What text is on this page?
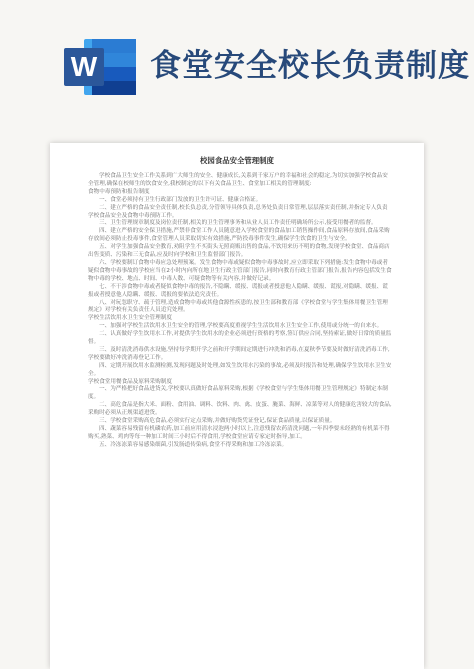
W 食堂安全校长负责制度
校园食品安全管理制度
学校食品卫生安全工作关系到广大师生的安全、健康成长,关系到千家万户的幸福和社会的稳定,为切实加强学校食品安全管理,确保在校师生的饮食安全,我校制定的以下有关食品卫生、食堂加工相关的管理制度:
食物中毒预防和报告制度
一、食堂必须持有卫生行政部门发放的卫生许可证、健康合格证。
二、建立严格的食品安全责任制,校长负总责,分管领导具体负责,总务处负责日常管理,层层落实责任制,并指定专人负责学校食品安全及食物中毒预防工作。
三、卫生管理规章制度及岗位责任制,相关的卫生管理事务和从业人员工作责任明确场所公示,接受用餐者的监督。
四、建立严格的安全保卫措施,严禁非食堂工作人员随意进入学校食堂的食品加工销售操作间,食品原料存放间,食品采购存放间必须防止投毒事件,食堂管理人员采取切实有效措施,严防投毒事件发生,确保学生饮食的卫生与安全。
五、对学生加强食品安全教育,劝阻学生不买街头无照商贩出售的食品,不饮用来历不明的食物,发现学校食堂、食品商店出售变质、污染和三无食品,应及时向学校和卫生监督部门报告。
六、学校要制订食物中毒应急处理预案。发生食物中毒或疑似食物中毒事故时,应立即采取下列措施:发生食物中毒或者疑似食物中毒事故的学校应当在2小时内向所在地卫生行政主管部门报告,同时向教育行政主管部门报告,报告内容包括发生食物中毒的学校、地点、时间、中毒人数、可疑食物等有关内容,并做好记录。
七、不干涉食物中毒或者疑似食物中毒的报告,不隐瞒、缓报、谎报或者授意他人隐瞒、缓报、谎报,对隐瞒、缓报、谎报或者授意他人隐瞒、缓报、谎报的要依法追究责任。
八、对玩忽职守、疏于管理,造成食物中毒或其他食源性疾患的,按卫生部和教育部《学校食堂与学生集体用餐卫生管理规定》对学校有关负责任人员追究处理。
学校生活饮用水卫生安全管理制度
一、加强对学校生活饮用水卫生安全的管理,学校要高度重视学生生活饮用水卫生安全工作,使用或分统一的自来水。
二、认真做好学生饮用水工作,对提供学生饮用水的企业必须进行资格的考察,签订供应合同,坚持索证,做好日常的质量监督。
三、及时清洗消毒供水设施,坚持每学期开学之前和开学期间定期进行冲洗和消毒,在夏秋季节要及时做好清洗消毒工作,学校要做好冲洗消毒登记工作。
四、定期开展饮用水监测检测,发现问题及时处理,如发生饮用水污染的事故,必须及时报告和处理,确保学生饮用水卫生安全。
学校食堂用餐食品及原料采购制度
一、为严格把好食品进货关,学校要认真做好食品原料采购,根据《学校食堂与学生集体用餐卫生管理规定》特制定本制度。
二、高危食品是指大米、面粉、食用油、调料、饮料、肉、禽、皮蛋、腌菜、海鲜、凉菜等对人的健康危害较大的食品,采购时必须从正规渠道进货。
三、学校食堂采购高危食品,必须实行定点采购,并做好购货凭证登记,保证食品质量,以保证质量。
四、蔬菜容易残留有机磷农药,加工前应用清水浸泡两小时以上,注意残留农药清洗问题,一年四季要未经熟的有机菜不得购买,熟菜、鸡肉等每一种加工时间三小时后不得食用,学校食堂应请专家定时指导,加工。
五、冷冻冻菜容易感染细菌,引发肠道传染病,食堂不得采购和加工冷冻凉菜。
